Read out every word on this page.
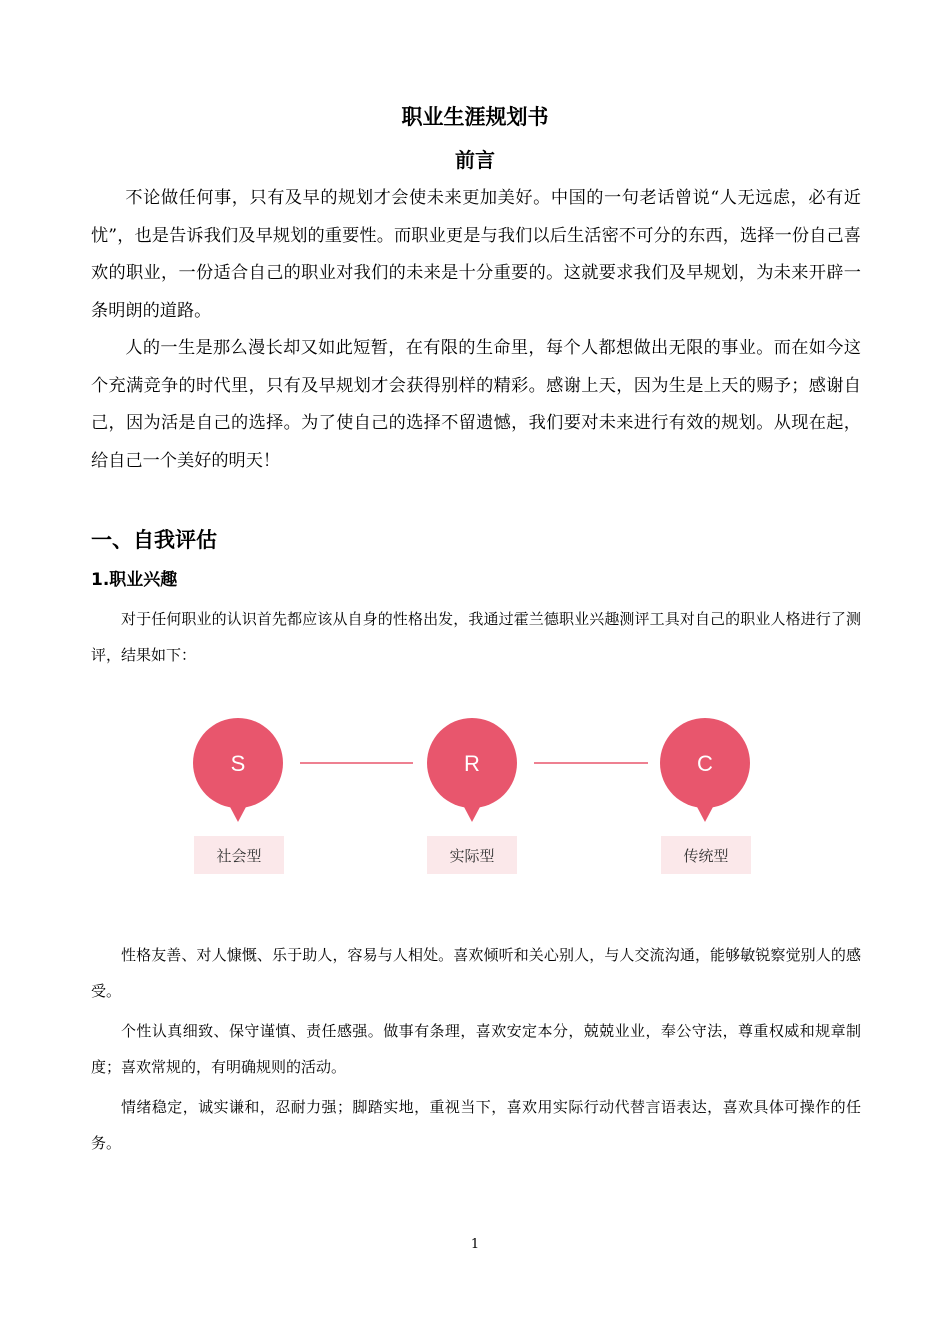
职业生涯规划书
前言

不论做任何事，只有及早的规划才会使未来更加美好。中国的一句老话曾说“人无远虑，必有近忧”，也是告诉我们及早规划的重要性。而职业更是与我们以后生活密不可分的东西，选择一份自己喜欢的职业，一份适合自己的职业对我们的未来是十分重要的。这就要求我们及早规划，为未来开辟一条明朗的道路。

人的一生是那么漫长却又如此短暂，在有限的生命里，每个人都想做出无限的事业。而在如今这个充满竞争的时代里，只有及早规划才会获得别样的精彩。感谢上天，因为生是上天的赐予；感谢自己，因为活是自己的选择。为了使自己的选择不留遗憾，我们要对未来进行有效的规划。从现在起，给自己一个美好的明天！

一、自我评估
1.职业兴趣

对于任何职业的认识首先都应该从自身的性格出发，我通过霍兰德职业兴趣测评工具对自己的职业人格进行了测评，结果如下：

S
社会型
R
实际型
C
传统型

性格友善、对人慷慨、乐于助人，容易与人相处。喜欢倾听和关心别人，与人交流沟通，能够敏锐察觉别人的感受。

个性认真细致、保守谨慎、责任感强。做事有条理，喜欢安定本分，兢兢业业，奉公守法，尊重权威和规章制度；喜欢常规的，有明确规则的活动。

情绪稳定，诚实谦和，忍耐力强；脚踏实地，重视当下，喜欢用实际行动代替言语表达，喜欢具体可操作的任务。

1
